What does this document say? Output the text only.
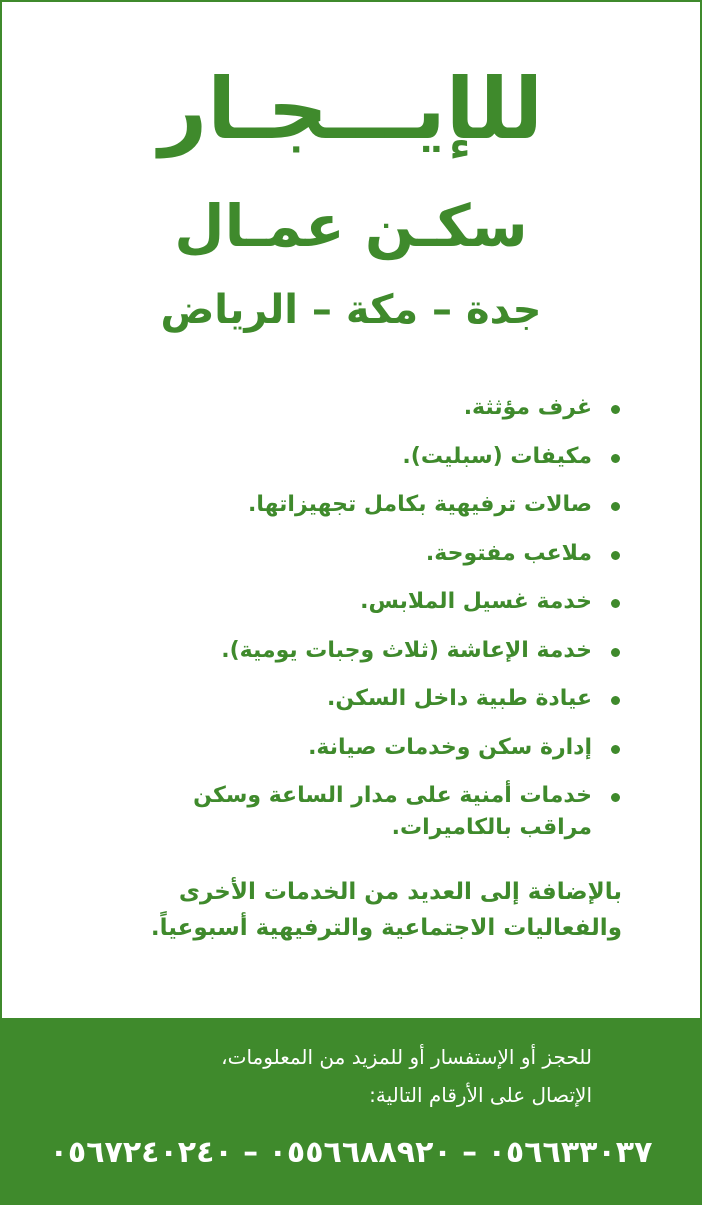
للإيـــجـار
سكـن عمـال
جدة – مكة – الرياض
غرف مؤثثة.
مكيفات (سبليت).
صالات ترفيهية بكامل تجهيزاتها.
ملاعب مفتوحة.
خدمة غسيل الملابس.
خدمة الإعاشة (ثلاث وجبات يومية).
عيادة طبية داخل السكن.
إدارة سكن وخدمات صيانة.
خدمات أمنية على مدار الساعة وسكن مراقب بالكاميرات.

بالإضافة إلى العديد من الخدمات الأخرى

والفعاليات الاجتماعية والترفيهية أسبوعياً.

للحجز أو الإستفسار أو للمزيد من المعلومات،

الإتصال على الأرقام التالية:

٠٥٦٦٣٣٠٣٧ – ٠٥٥٦٦٨٨٩٢٠ – ٠٥٦٧٢٤٠٢٤٠
